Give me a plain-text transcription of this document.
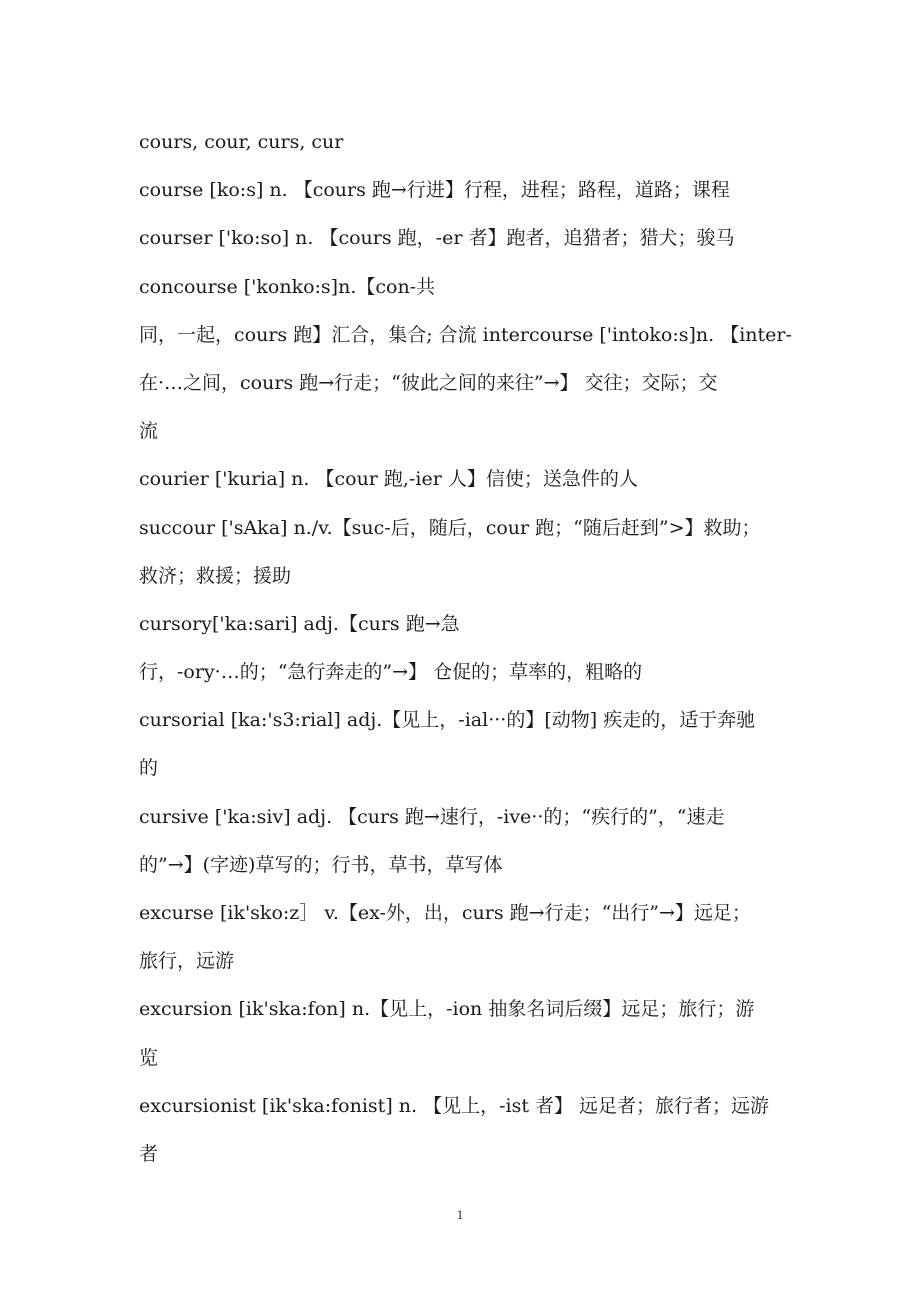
cours, cour, curs, cur
course [ko:s] n. 【cours 跑→行进】行程，进程；路程，道路；课程
courser ['ko:so] n. 【cours 跑，-er 者】跑者，追猎者；猎犬；骏马
concourse ['konko:s]n.【con-共
同，一起，cours 跑】汇合，集合; 合流 intercourse ['intoko:s]n. 【inter-
在·…之间，cours 跑→行走；“彼此之间的来往”→】 交往；交际；交
流
courier ['kuria] n. 【cour 跑,-ier 人】信使；送急件的人
succour ['sAka] n./v.【suc-后，随后，cour 跑；“随后赶到”>】救助；
救济；救援；援助
cursory['ka:sari] adj.【curs 跑→急
行，-ory·…的；“急行奔走的”→】 仓促的；草率的，粗略的
cursorial [ka:'s3:rial] adj.【见上，-ial···的】[动物] 疾走的，适于奔驰
的
cursive ['ka:siv] adj. 【curs 跑→速行，-ive··的；“疾行的”，“速走
的”→】(字迹)草写的；行书，草书，草写体
excurse [ik'sko:z］ v.【ex-外，出，curs 跑→行走；“出行”→】远足；
旅行，远游
excursion [ik'ska:fon] n.【见上，-ion 抽象名词后缀】远足；旅行；游
览
excursionist [ik'ska:fonist] n. 【见上，-ist 者】 远足者；旅行者；远游
者
1
